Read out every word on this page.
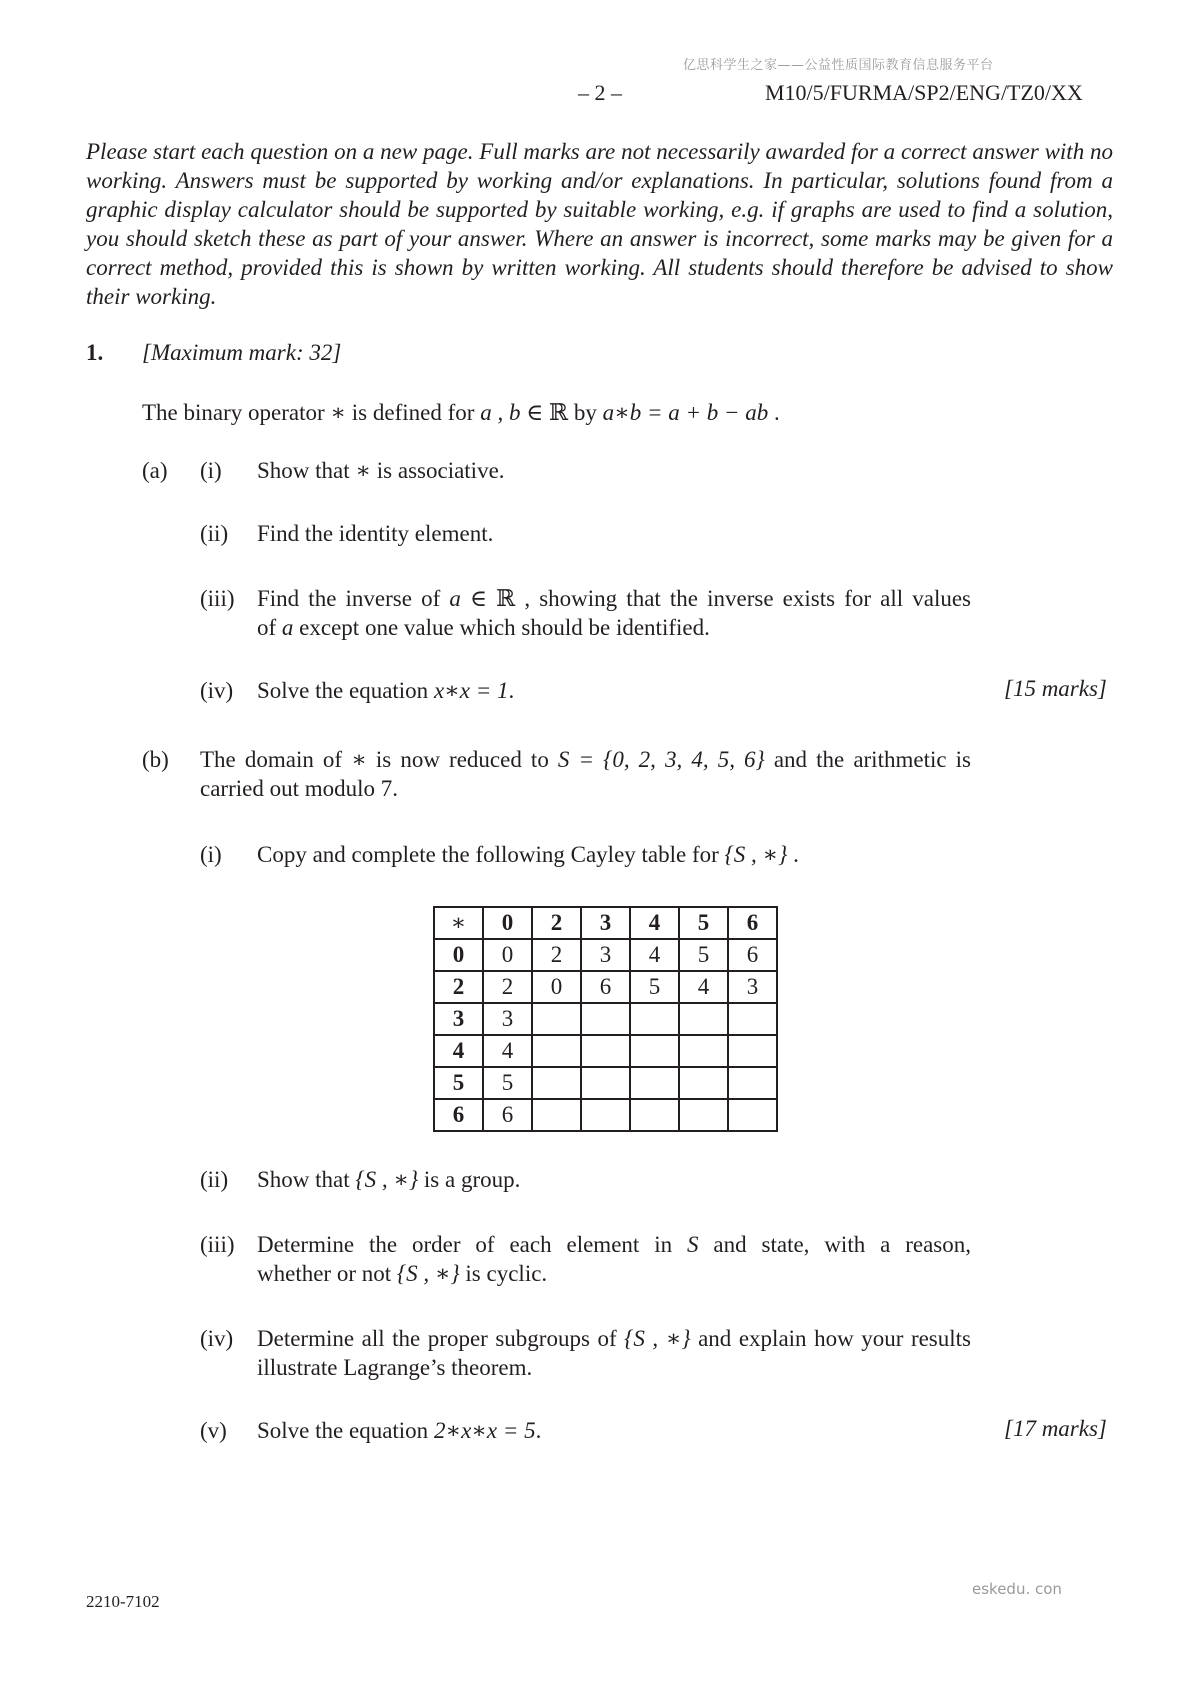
亿思科学生之家——公益性质国际教育信息服务平台
– 2 –	M10/5/FURMA/SP2/ENG/TZ0/XX
Please start each question on a new page. Full marks are not necessarily awarded for a correct answer with no working. Answers must be supported by working and/or explanations. In particular, solutions found from a graphic display calculator should be supported by suitable working, e.g. if graphs are used to find a solution, you should sketch these as part of your answer. Where an answer is incorrect, some marks may be given for a correct method, provided this is shown by written working. All students should therefore be advised to show their working.
1. [Maximum mark: 32]
The binary operator ∗ is defined for a , b ∈ ℝ by a∗b = a + b − ab .
(a) (i) Show that ∗ is associative.
(ii) Find the identity element.
(iii) Find the inverse of a ∈ ℝ , showing that the inverse exists for all values
of a except one value which should be identified.
(iv) Solve the equation x∗x = 1.	[15 marks]
(b) The domain of ∗ is now reduced to S = {0, 2, 3, 4, 5, 6} and the arithmetic is
carried out modulo 7.
(i) Copy and complete the following Cayley table for {S , ∗} .
∗	0	2	3	4	5	6
0	0	2	3	4	5	6
2	2	0	6	5	4	3
3	3					
4	4					
5	5					
6	6					
(ii) Show that {S , ∗} is a group.
(iii) Determine the order of each element in S and state, with a reason,
whether or not {S , ∗} is cyclic.
(iv) Determine all the proper subgroups of {S , ∗} and explain how your results
illustrate Lagrange’s theorem.
(v) Solve the equation 2∗x∗x = 5.	[17 marks]
2210-7102
eskedu. con
